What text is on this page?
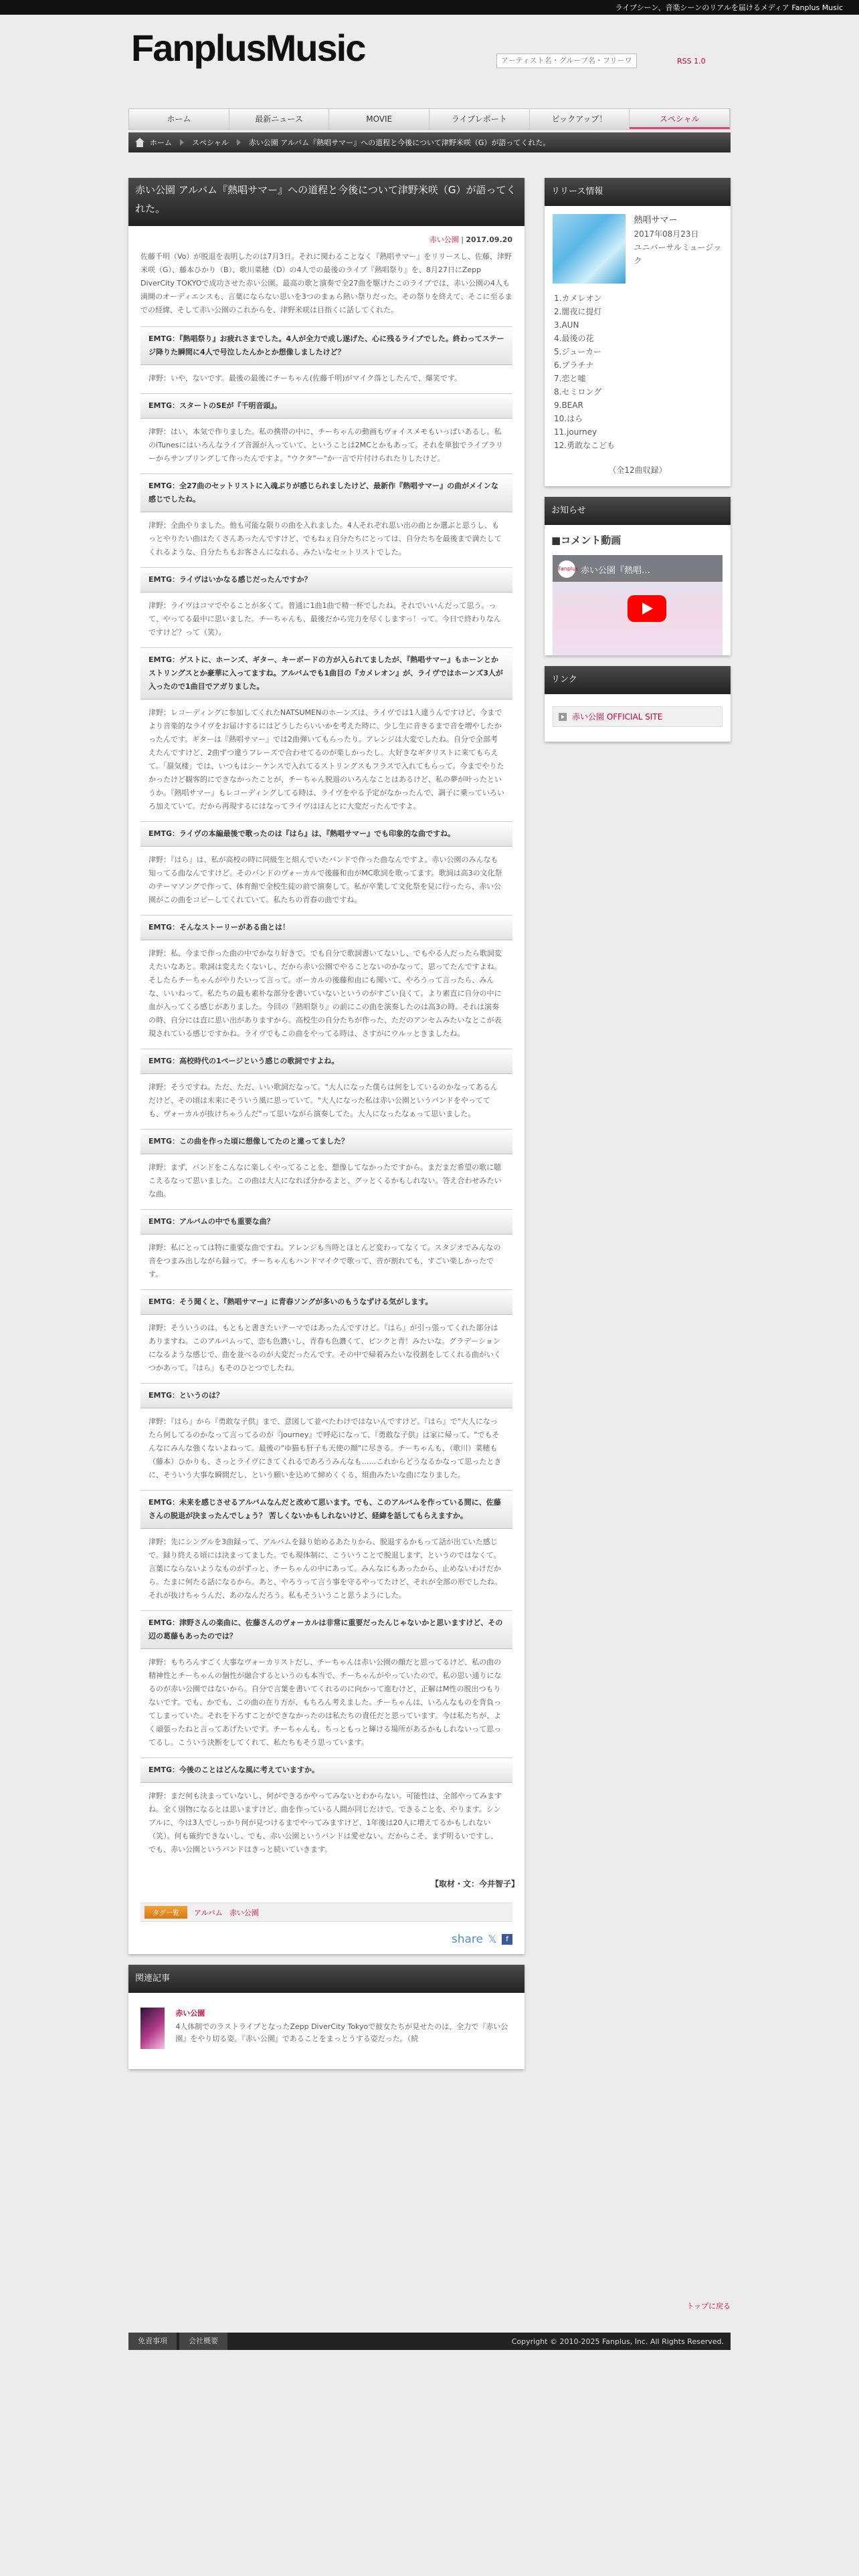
ライブシーン、音楽シーンのリアルを届けるメディア Fanplus Music
FanplusMusic
アーティスト名・グループ名・フリーワード	RSS 1.0
ホーム	最新ニュース	MOVIE	ライブレポート	ピックアップ！	スペシャル
ホーム	スペシャル	赤い公園 アルバム『熱唱サマー』への道程と今後について津野米咲（G）が語ってくれた。
赤い公園 アルバム『熱唱サマー』への道程と今後について津野米咲（G）が語ってくれた。
赤い公園 | 2017.09.20

佐藤千明（Vo）が脱退を表明したのは7月3日。それに関わることなく『熱唱サマー』をリリースし、佐藤、津野米咲（G）、藤本ひかり（B）、歌川菜穂（D）の4人での最後のライブ『熱唱祭り』を、8月27日にZepp DiverCity TOKYOで成功させた赤い公園。最高の歌と演奏で全27曲を駆けたこのライブでは、赤い公園の4人も満開のオーディエンスも、言葉にならない思いを3つのまぁら熱い祭りだった。その祭りを終えて、そこに至るまでの経緯、そして赤い公園のこれからを、津野米咲は目指くに話してくれた。

EMTG：『熱唱祭り』お疲れさまでした。4人が全力で成し遂げた、心に残るライブでした。終わってステージ降りた瞬間に4人で号泣したんかとか想像しましたけど？

津野：いや、ないです。最後の最後にチーちゃん(佐藤千明)がマイク落としたんで、爆笑です。

EMTG：スタートのSEが『千明音頭』。

津野：はい、本気で作りました。私の携帯の中に、チーちゃんの動画もヴォイスメモもいっぱいあるし。私のiTunesにはいろんなライブ音源が入っていて、ということは2MCとかもあって。それを単独でライブラリーからサンプリングして作ったんですよ。"ウクタ"ー"か一言で片付けられたりしたけど。

EMTG：全27曲のセットリストに入魂ぶりが感じられましたけど、最新作『熱唱サマー』の曲がメインな感じでしたね。

津野：全曲やりました。他も可能な限りの曲を入れました。4人それぞれ思い出の曲とか選ぶと思うし、もっとやりたい曲はたくさんあったんですけど、でもねぇ自分たちにとっては、自分たちを最後まで満たしてくれるような、自分たちもお客さんになれる、みたいなセットリストでした。

EMTG：ライヴはいかなる感じだったんですか？

津野：ライヴはコマでやることが多くて。普通に1曲1曲で精一杯でしたね。それでいいんだって思う。って、やってる最中に思いました。チーちゃんも、最後だから完力を尽くしますっ！って。今日で終わりなんですけど？って（笑）。

EMTG：ゲストに、ホーンズ、ギター、キーボードの方が入られてましたが、『熱唱サマー』もホーンとかストリングスとか豪華に入ってますね。アルバムでも1曲目の『カメレオン』が、ライヴではホーンズ3人が入ったので1曲目でアガりました。

津野：レコーディングに参加してくれたNATSUMENのホーンズは、ライヴでは1人違うんですけど、今までより音楽的なライヴをお届けするにはどうしたらいいかを考えた時に、少し生に音きるまで音を増やしたかったんです。ギターは『熱唱サマー』では2曲弾いてもらったり。アレンジは大変でしたね。自分で全部考えたんですけど、2曲ずつ違うフレーズで合わせてるのが楽しかったし。大好きなギタリストに来てもらえて。「蜃気楼」では、いつもはシーケンスで入れてるストリングスもフラスで入れてもらって。今までやりたかったけど観客的にできなかったことが、チーちゃん脱退のいろんなことはあるけど、私の夢が叶ったというか。『熱唱サマー』もレコーディングしてる時は、ライヴをやる予定がなかったんで、調子に乗っていろいろ加えていて。だから再現するにはなってライヴはほんとに大変だったんですよ。

EMTG：ライヴの本編最後で歌ったのは『はら』は、『熱唱サマー』でも印象的な曲ですね。

津野：『はら』は、私が高校の時に同級生と組んでいたバンドで作った曲なんですよ。赤い公園のみんなも知ってる曲なんですけど。そのバンドのヴォーカルで後藤和由がMC歌詞を歌ってます。歌詞は高3の文化祭のテーマソングで作って、体育館で全校生徒の前で演奏して。私が卒業して文化祭を見に行ったら、赤い公園がこの曲をコピーしてくれていて。私たちの青春の曲ですね。

EMTG：そんなストーリーがある曲とは！

津野：私、今まで作った曲の中でかなり好きで。でも自分で歌詞書いてないし、でもやる人だったら歌詞変えたいなあと。歌詞は変えたくないし、だから赤い公園でやることないのかなって、思ってたんですよね。そしたらチーちゃんがやりたいって言って。ボーカルの後藤和由にも聞いて、やろうって言ったら、みんな、いいねって。私たちの最も素朴な部分を書いていないというのがすごい良くて。より素直に自分の中に血が入ってくる感じがありました。今回の『熱唱祭り』の前にこの曲を演奏したのは高3の時。それは演奏の時、自分には直に思い出がありますから。高校生の自分たちが作った、ただのアンセムみたいなとこが表現されている感じですかね。ライヴでもこの曲をやってる時は、さすがにウルッときましたね。

EMTG：高校時代の1ページという感じの歌詞ですよね。

津野：そうですね。ただ、ただ、いい歌詞だなって。"大人になった僕らは何をしているのかなってあるんだけど、その頃は未来にそういう風に思っていて。"大人になった私は赤い公園というバンドをやってても、ヴォーカルが抜けちゃうんだ"って思いながら演奏してた。大人になったなぁって思いました。

EMTG：この曲を作った頃に想像してたのと違ってました？

津野：まず、バンドをこんなに楽しくやってることを、想像してなかったですから。まだまだ希望の歌に聴こえるなって思いました。この曲は大人になれば分かるよと、グッとくるかもしれない。答え合わせみたいな曲。

EMTG：アルバムの中でも重要な曲？

津野：私にとっては特に重要な曲ですね。アレンジも当時とほとんど変わってなくて。スタジオでみんなの音をつまみ出しながら録って。チーちゃんもハンドマイクで歌って、音が割れても、すごい楽しかったです。

EMTG：そう聞くと、『熱唱サマー』に青春ソングが多いのもうなずける気がします。

津野：そういうのは、もともと書きたいテーマではあったんですけど。『はら』が引っ張ってくれた部分はありますね。このアルバムって、恋も色濃いし、青春も色濃くて、ピンクと青！みたいな。グラデーションになるような感じで、曲を並べるのが大変だったんです。その中で帰着みたいな役割をしてくれる曲がいくつかあって。『はら』もそのひとつでしたね。

EMTG：というのは？

津野：『はら』から『勇敢な子供』まで、意図して並べたわけではないんですけど。『はら』で"大人になったら何してるのかなって言ってるのが『journey』で呼応になって、『勇敢な子供』は家に帰って、"でもそんなにみんな強くないよねって。最後の"ゆ猫も肝子も天使の顔"に尽きる。チーちゃんも、（歌川）菜穂も（藤本）ひかりも、さっとライヴにきてくれるであろうみんなも……これからどうなるかなって思ったときに、そういう大事な瞬間だし、という願いを込めて締めくくる、組曲みたいな曲になりました。

EMTG：未来を感じさせるアルバムなんだと改めて思います。でも、このアルバムを作っている間に、佐藤さんの脱退が決まったんでしょう？ 苦しくないかもしれないけど、経緯を話してもらえますか。

津野：先にシングルを3曲録って、アルバムを録り始めるあたりから、脱退するかもって話が出ていた感じで。録り終える頃には決まってました。でも現体制に、こういうことで脱退します、というのではなくて。言葉にならないようなものがずっと、チーちゃんの中にあって。みんなにもあったから、止めないわけだから。たまに何たる話になるから。あと、やろうって言う事を守るやってたけど、それが全部の形でしたね。それが抜けちゃうんだ、あのなんだろう。私もそういうこと思うようにした。

EMTG：津野さんの楽曲に、佐藤さんのヴォーカルは非常に重要だったんじゃないかと思いますけど、その辺の葛藤もあったのでは？

津野：もちろんすごく大事なヴォーカリストだし、チーちゃんは赤い公園の顔だと思ってるけど、私の曲の精神性とチーちゃんの個性が融合するというのも本当で、チーちゃんがやっていたので。私の思い通りになるのが赤い公園ではないから。自分で言葉を書いてくれるのに向かって進むけど、正解はM性の脱出つもりないです。でも、かでも、この曲の在り方が、もちろん考えました。チーちゃんは、いろんなものを背負ってしまっていた。それを下ろすことができなかったのは私たちの責任だと思っています。今は私たちが、よく頑張ったねと言ってあげたいです。チーちゃんも、ちっともっと輝ける場所があるかもしれないって思ってるし。こういう決断をしてくれて、私たちもそう思っています。

EMTG：今後のことはどんな風に考えていますか。

津野：まだ何も決まっていないし、何ができるかやってみないとわからない。可能性は、全部やってみますね。全く別物になるとは思いますけど、曲を作っている人間が同じだけで、できることを、やります。シンプルに、今は3人でしっかり何が見つけるまでやってみますけど、1年後は20人に増えてるかもしれない（笑）。何も確約できないし、でも、赤い公園というバンドは愛せない。だからこそ、まず明るいですし、でも、赤い公園というバンドはきっと続いていきます。

【取材・文：今井智子】
タグ一覧	アルバム 赤い公園
share 𝕏	f
関連記事
赤い公園
4人体制でのラストライブとなったZepp DiverCity Tokyoで彼女たちが見せたのは、全力で『赤い公園』をやり切る姿。『赤い公園』であることをまっとうする姿だった。（続
リリース情報
熱唱サマー
2017年08月23日
ユニバーサルミュージック
1.カメレオン
2.闇夜に提灯
3.AUN
4.最後の花
5.ジューカー
6.プラチナ
7.恋と嘘
8.セミロング
9.BEAR
10.はら
11.journey
12.勇敢なこども
（全12曲収録）
お知らせ
■コメント動画
赤い公園『熱唱…
Fanplus
リンク
赤い公園 OFFICIAL SITE
トップに戻る
免責事項	会社概要	Copyright © 2010-2025 Fanplus, Inc. All Rights Reserved.
